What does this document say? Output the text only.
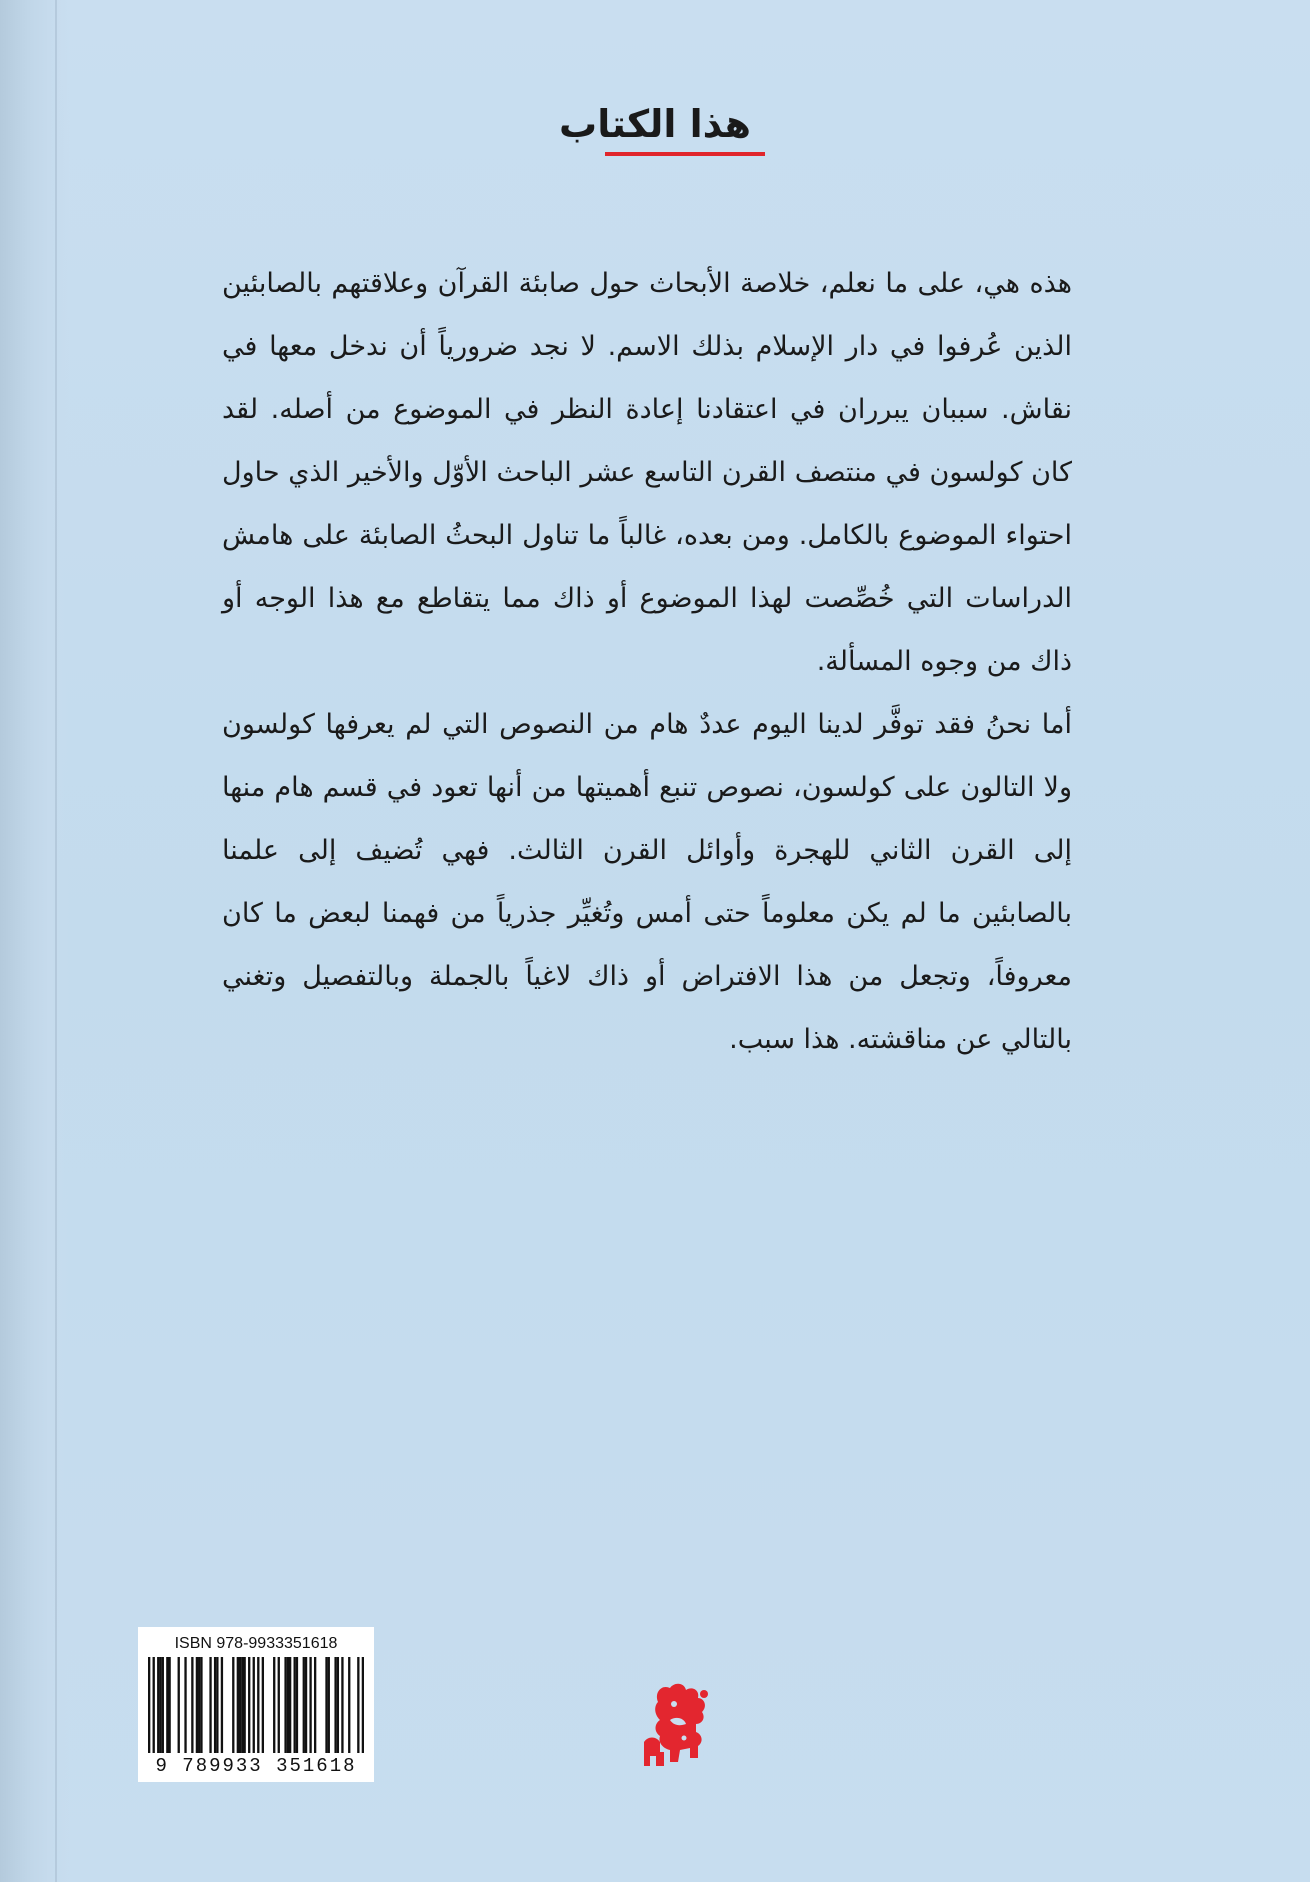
هذا الكتاب

هذه هي، على ما نعلم، خلاصة الأبحاث حول صابئة القرآن وعلاقتهم بالصابئين الذين عُرفوا في دار الإسلام بذلك الاسم. لا نجد ضرورياً أن ندخل معها في نقاش. سببان يبرران في اعتقادنا إعادة النظر في الموضوع من أصله. لقد كان كولسون في منتصف القرن التاسع عشر الباحث الأوّل والأخير الذي حاول احتواء الموضوع بالكامل. ومن بعده، غالباً ما تناول البحثُ الصابئة على هامش الدراسات التي خُصِّصت لهذا الموضوع أو ذاك مما يتقاطع مع هذا الوجه أو ذاك من وجوه المسألة.

أما نحنُ فقد توفَّر لدينا اليوم عددٌ هام من النصوص التي لم يعرفها كولسون ولا التالون على كولسون، نصوص تنبع أهميتها من أنها تعود في قسم هام منها إلى القرن الثاني للهجرة وأوائل القرن الثالث. فهي تُضيف إلى علمنا بالصابئين ما لم يكن معلوماً حتى أمس وتُغيِّر جذرياً من فهمنا لبعض ما كان معروفاً، وتجعل من هذا الافتراض أو ذاك لاغياً بالجملة وبالتفصيل وتغني بالتالي عن مناقشته. هذا سبب.

ISBN 978-9933351618
9 789933 351618
